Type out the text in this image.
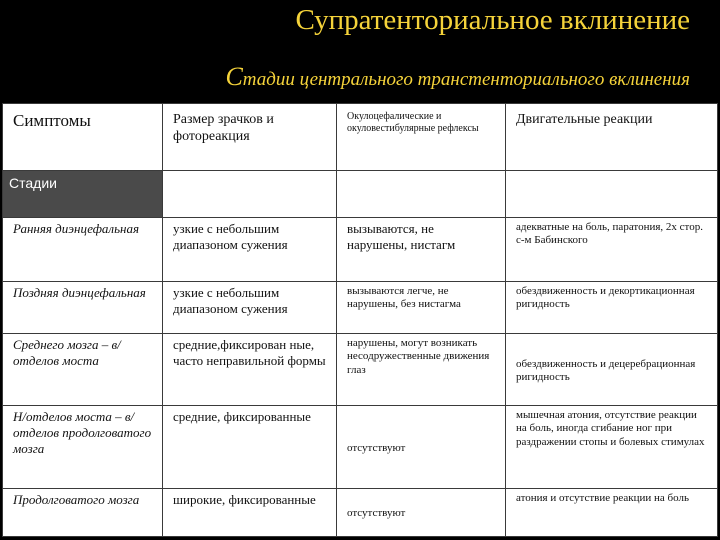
Супратенториальное вклинение
Стадии центрального транстенториального вклинения
Симптомы	Размер зрачков и фотореакция	Окулоцефалические и окуловестибулярные рефлексы	Двигательные реакции
Стадии			
Ранняя диэнцефальная	узкие с небольшим диапазоном сужения	вызываются, не нарушены, нистагм	адекватные на боль, паратония, 2х стор. с-м Бабинского
Поздняя диэнцефальная	узкие с небольшим диапазоном сужения	вызываются легче, не нарушены, без нистагма	обездвиженность и декортикационная ригидность
Среднего мозга – в/отделов моста	средние,фиксирован ные, часто неправильной формы	нарушены, могут возникать несодружественные движения глаз	обездвиженность и децеребрационная ригидность
Н/отделов моста – в/отделов продолговатого мозга	средние, фиксированные	отсутствуют	мышечная атония, отсутствие реакции на боль, иногда сгибание ног при раздражении стопы и болевых стимулах
Продолговатого мозга	широкие, фиксированные	отсутствуют	атония и отсутствие реакции на боль
